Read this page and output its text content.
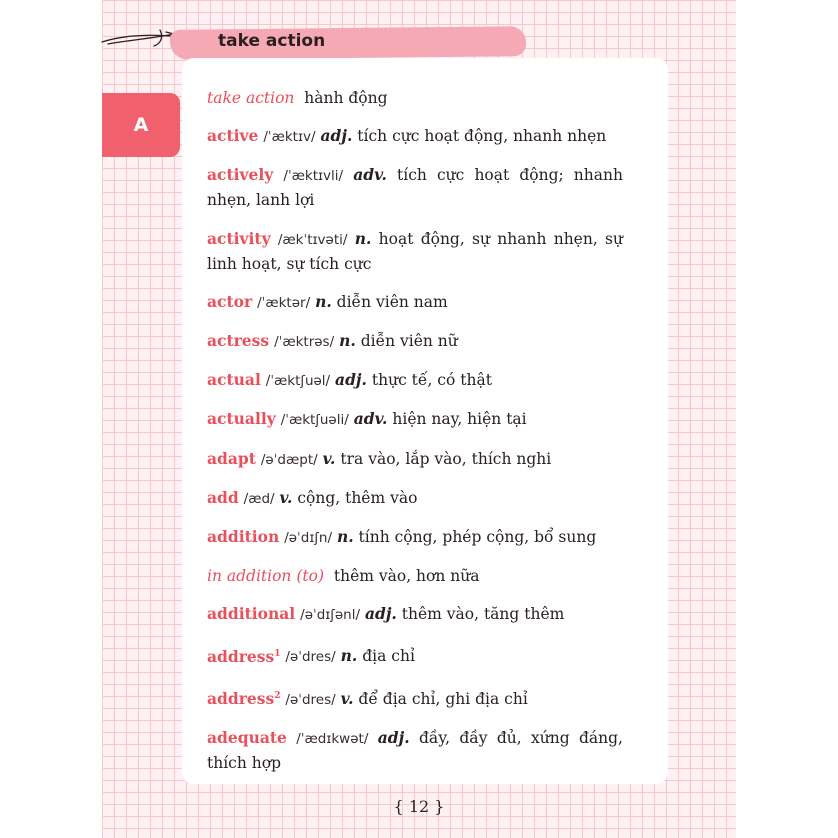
take action
A
take action hành động
active /ˈæktɪv/ adj. tích cực hoạt động, nhanh nhẹn
actively /ˈæktɪvli/ adv. tích cực hoạt động; nhanh nhẹn, lanh lợi
activity /ækˈtɪvəti/ n. hoạt động, sự nhanh nhẹn, sự linh hoạt, sự tích cực
actor /ˈæktər/ n. diễn viên nam
actress /ˈæktrəs/ n. diễn viên nữ
actual /ˈæktʃuəl/ adj. thực tế, có thật
actually /ˈæktʃuəli/ adv. hiện nay, hiện tại
adapt /əˈdæpt/ v. tra vào, lắp vào, thích nghi
add /æd/ v. cộng, thêm vào
addition /əˈdɪʃn/ n. tính cộng, phép cộng, bổ sung
in addition (to) thêm vào, hơn nữa
additional /əˈdɪʃənl/ adj. thêm vào, tăng thêm
address$^1$ /əˈdres/ n. địa chỉ
address$^2$ /əˈdres/ v. để địa chỉ, ghi địa chỉ
adequate /ˈædɪkwət/ adj. đầy, đầy đủ, xứng đáng, thích hợp
{ 12 }
